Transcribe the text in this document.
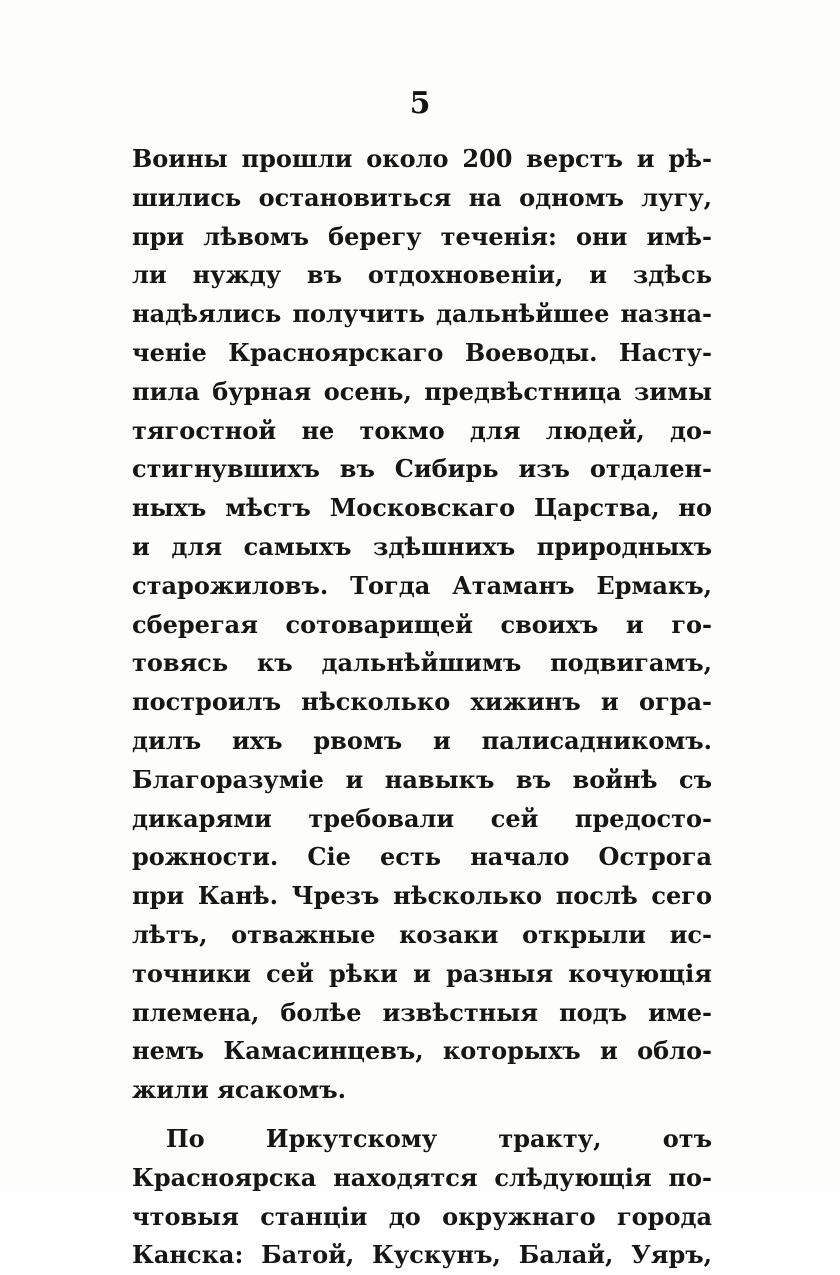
5
Воины прошли около 200 верстъ и рѣ-
шились остановиться на одномъ лугу,
при лѣвомъ берегу теченія: они имѣ-
ли нужду въ отдохновеніи, и здѣсь
надѣялись получить дальнѣйшее назна-
ченіе Красноярскаго Воеводы. Насту-
пила бурная осень, предвѣстница зимы
тягостной не токмо для людей, до-
стигнувшихъ въ Сибирь изъ отдален-
ныхъ мѣстъ Московскаго Царства, но
и для самыхъ здѣшнихъ природныхъ
старожиловъ. Тогда Атаманъ Ермакъ,
сберегая сотоварищей своихъ и го-
товясь къ дальнѣйшимъ подвигамъ,
построилъ нѣсколько хижинъ и огра-
дилъ ихъ рвомъ и палисадникомъ.
Благоразуміе и навыкъ въ войнѣ съ
дикарями требовали сей предосто-
рожности. Сіе есть начало Острога
при Канѣ. Чрезъ нѣсколько послѣ сего
лѣтъ, отважные козаки открыли ис-
точники сей рѣки и разныя кочующія
племена, болѣе извѣстныя подъ име-
немъ Камасинцевъ, которыхъ и обло-
жили ясакомъ.
По Иркутскому тракту, отъ
Красноярска находятся слѣдующія по-
чтовыя станціи до окружнаго города
Канска: Батой, Кускунъ, Балай, Уяръ,
